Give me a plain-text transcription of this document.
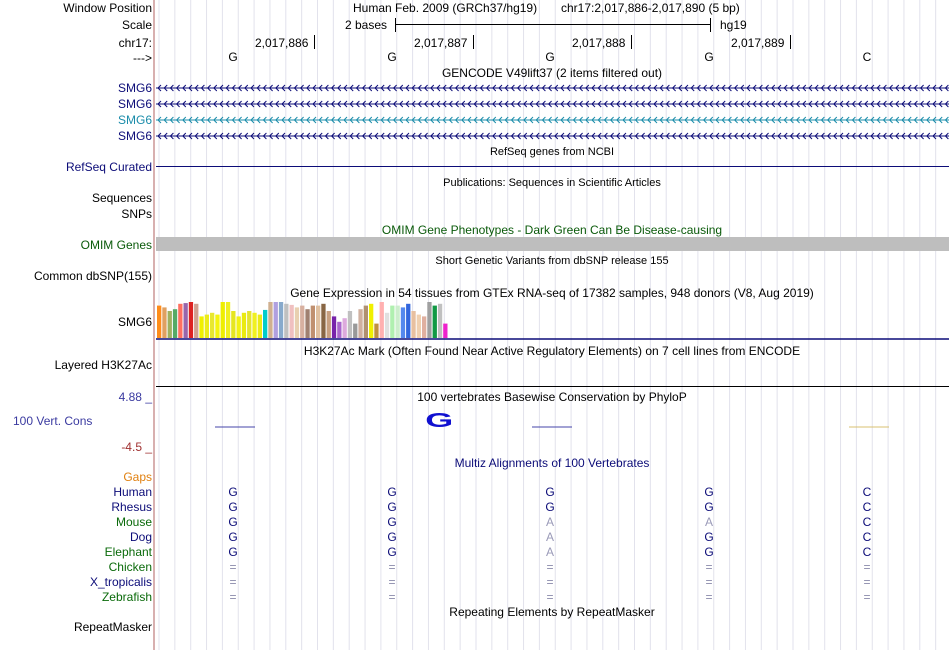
Window Position	Human Feb. 2009 (GRCh37/hg19) chr17:2,017,886-2,017,890 (5 bp)
Scale	2 bases	hg19
chr17:	2,017,886	2,017,887	2,017,888	2,017,889
--->	G	G	G	G	C
GENCODE V49lift37 (2 items filtered out)
SMG6
SMG6
SMG6
SMG6
RefSeq genes from NCBI
RefSeq Curated
Publications: Sequences in Scientific Articles
Sequences
SNPs
OMIM Gene Phenotypes - Dark Green Can Be Disease-causing
OMIM Genes
Short Genetic Variants from dbSNP release 155
Common dbSNP(155)
Gene Expression in 54 tissues from GTEx RNA-seq of 17382 samples, 948 donors (V8, Aug 2019)
SMG6
H3K27Ac Mark (Often Found Near Active Regulatory Elements) on 7 cell lines from ENCODE
Layered H3K27Ac
100 vertebrates Basewise Conservation by PhyloP
4.88 _
100 Vert. Cons
-4.5 _
G
Multiz Alignments of 100 Vertebrates
Gaps
Human	G	G	G	G	C
Rhesus	G	G	G	G	C
Mouse	G	G	A	A	C
Dog	G	G	A	G	C
Elephant	G	G	A	G	C
Chicken	=	=	=	=	=
X_tropicalis	=	=	=	=	=
Zebrafish	=	=	=	=	=
Repeating Elements by RepeatMasker
RepeatMasker
